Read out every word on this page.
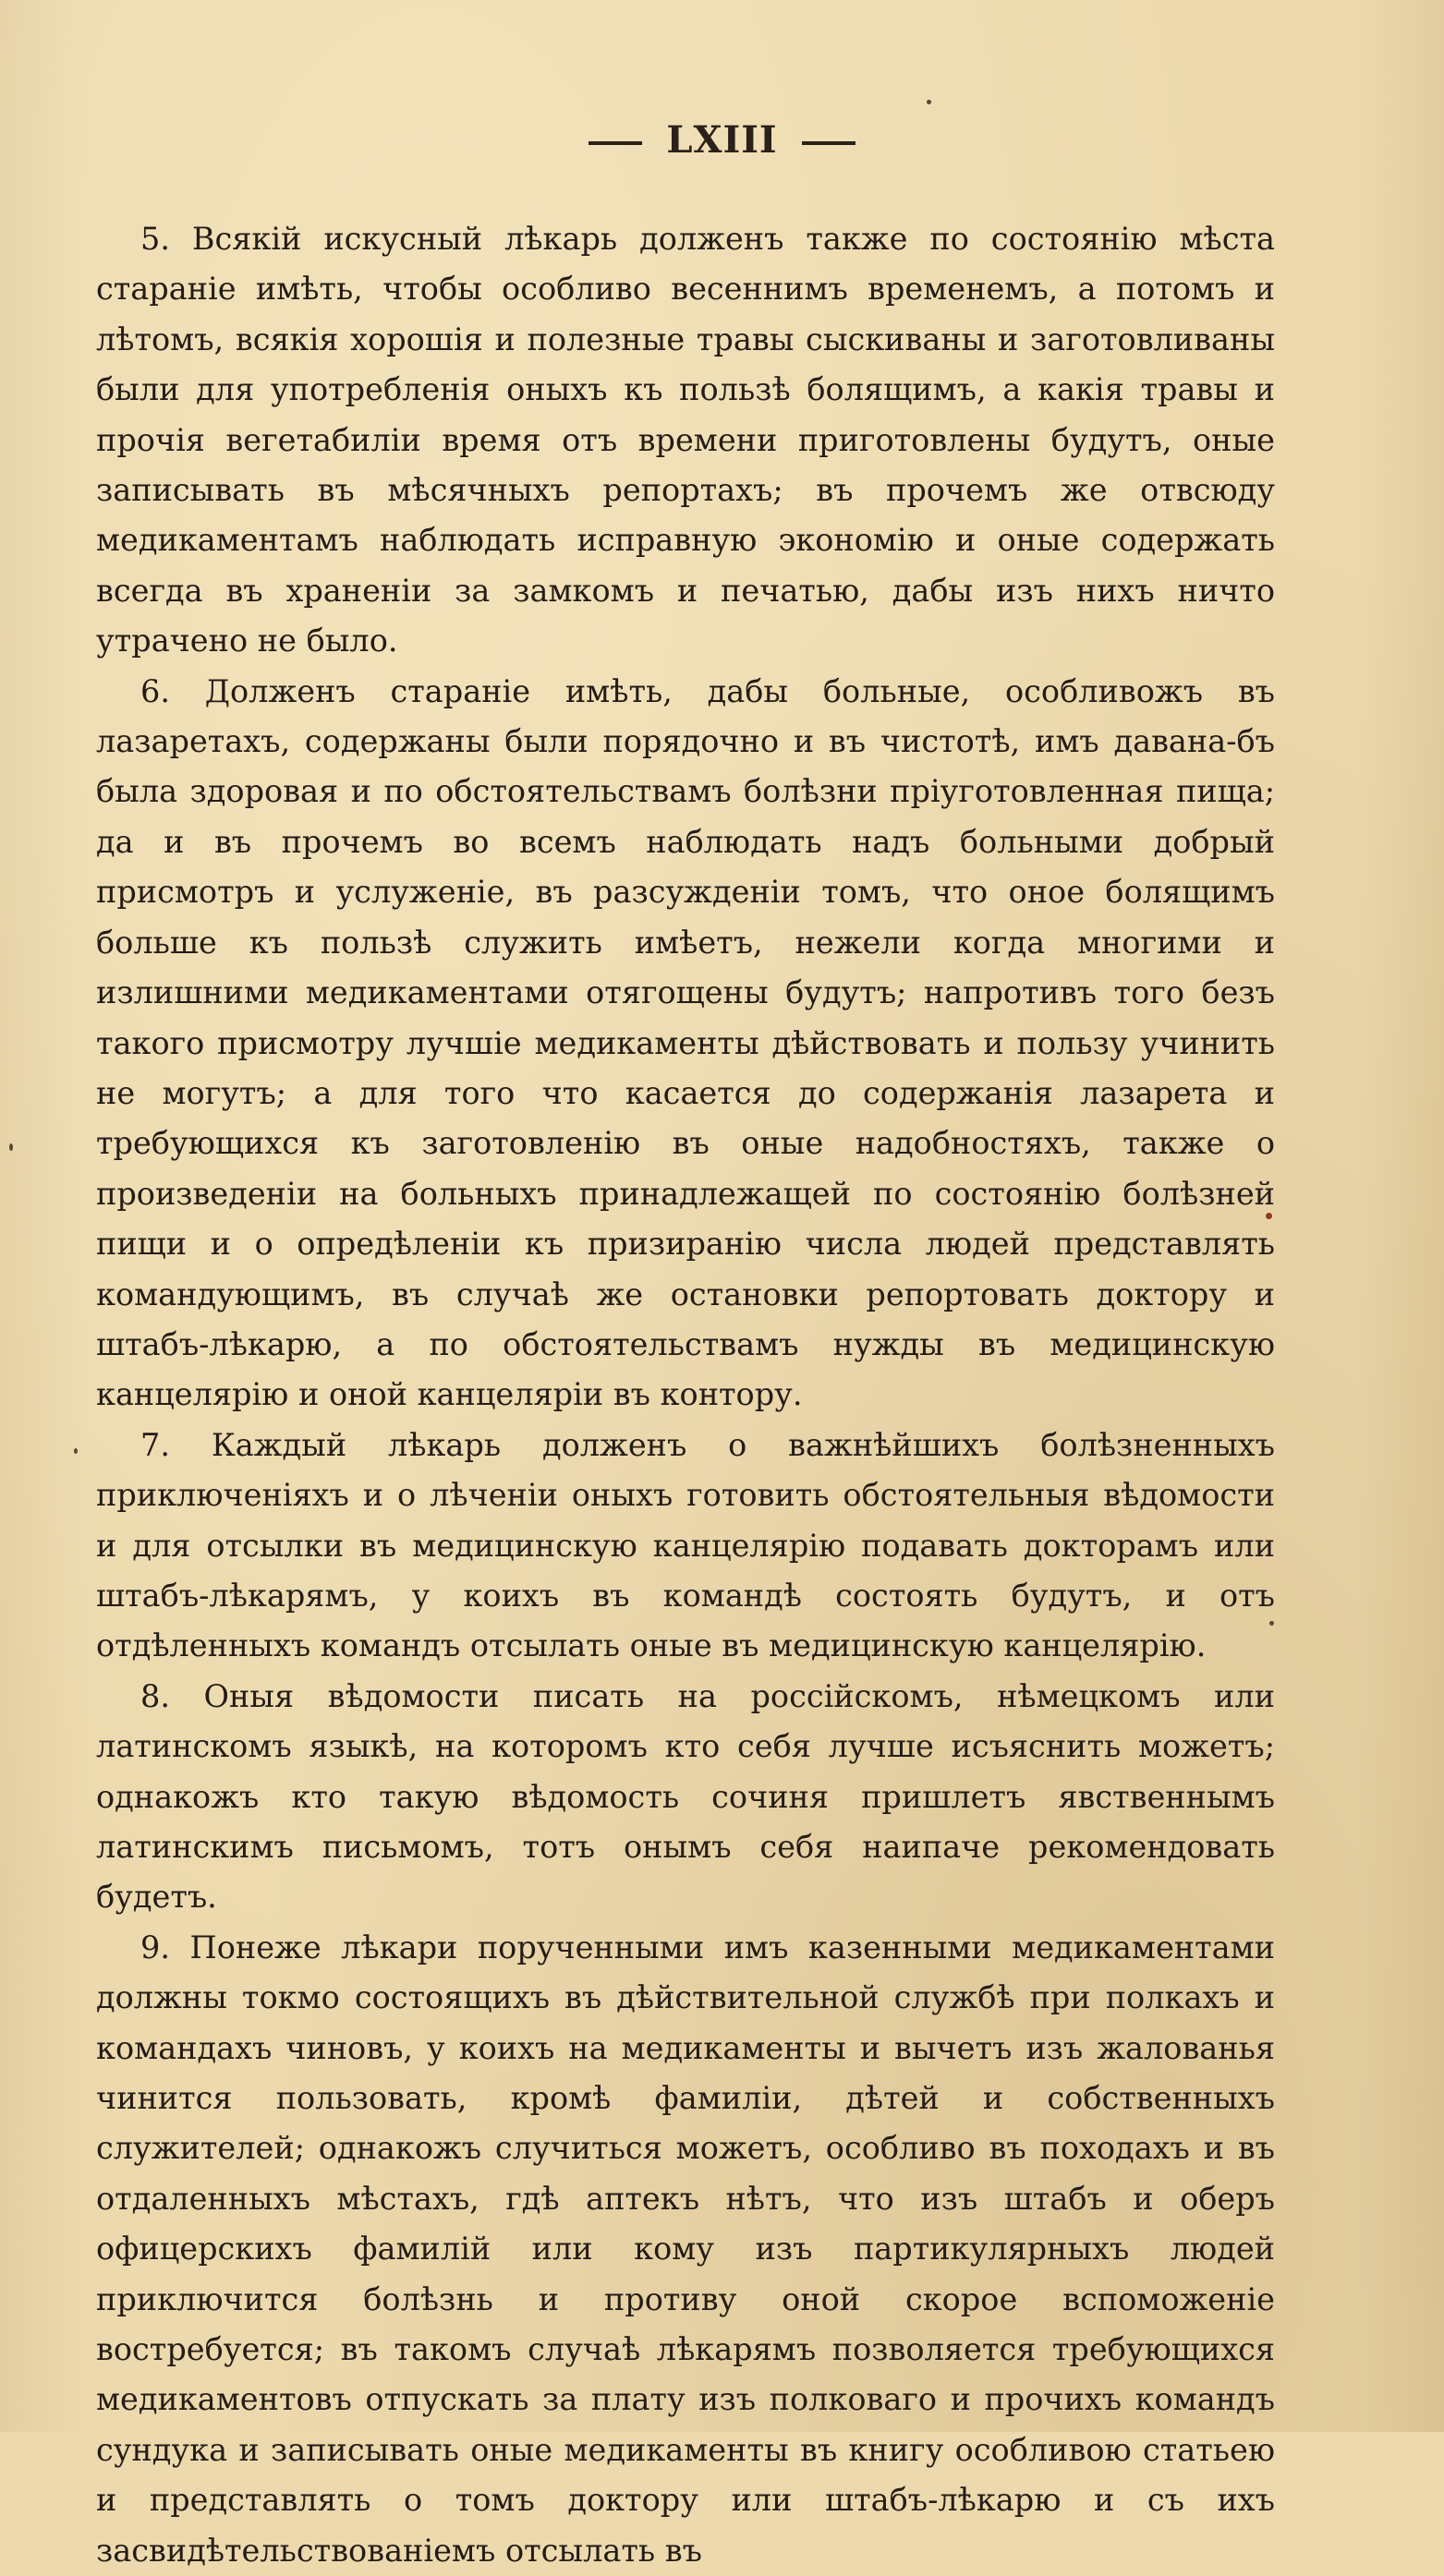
LXIII

5. Всякій искусный лѣкарь долженъ также по состоянію мѣста стараніе имѣть, чтобы особливо весеннимъ временемъ, а потомъ и лѣтомъ, всякія хорошія и полезные травы сыскиваны и заготовливаны были для употребленія оныхъ къ пользѣ болящимъ, а какія травы и прочія вегетабиліи время отъ времени приготовлены будутъ, оные записывать въ мѣсячныхъ репортахъ; въ прочемъ же отвсюду медикаментамъ наблюдать исправную экономію и оные содержать всегда въ храненіи за замкомъ и печатью, дабы изъ нихъ ничто утрачено не было.

6. Долженъ стараніе имѣть, дабы больные, особливожъ въ лазаретахъ, содержаны были порядочно и въ чистотѣ, имъ давана-бъ была здоровая и по обстоятельствамъ болѣзни пріуготовленная пища; да и въ прочемъ во всемъ наблюдать надъ больными добрый присмотръ и услуженіе, въ разсужденіи томъ, что оное болящимъ больше къ пользѣ служить имѣетъ, нежели когда многими и излишними медикаментами отягощены будутъ; напротивъ того безъ такого присмотру лучшіе медикаменты дѣйствовать и пользу учинить не могутъ; а для того что касается до содержанія лазарета и требующихся къ заготовленію въ оные надобностяхъ, также о произведеніи на больныхъ принадлежащей по состоянію болѣзней пищи и о опредѣленіи къ призиранію числа людей представлять командующимъ, въ случаѣ же остановки репортовать доктору и штабъ-лѣкарю, а по обстоятельствамъ нужды въ медицинскую канцелярію и оной канцеляріи въ контору.

7. Каждый лѣкарь долженъ о важнѣйшихъ болѣзненныхъ приключеніяхъ и о лѣченіи оныхъ готовить обстоятельныя вѣдомости и для отсылки въ медицинскую канцелярію подавать докторамъ или штабъ-лѣкарямъ, у коихъ въ командѣ состоять будутъ, и отъ отдѣленныхъ командъ отсылать оные въ медицинскую канцелярію.

8. Оныя вѣдомости писать на россійскомъ, нѣмецкомъ или латинскомъ языкѣ, на которомъ кто себя лучше исъяснить можетъ; однакожъ кто такую вѣдомость сочиня пришлетъ явственнымъ латинскимъ письмомъ, тотъ онымъ себя наипаче рекомендовать будетъ.

9. Понеже лѣкари порученными имъ казенными медикаментами должны токмо состоящихъ въ дѣйствительной службѣ при полкахъ и командахъ чиновъ, у коихъ на медикаменты и вычетъ изъ жалованья чинится пользовать, кромѣ фамиліи, дѣтей и собственныхъ служителей; однакожъ случиться можетъ, особливо въ походахъ и въ отдаленныхъ мѣстахъ, гдѣ аптекъ нѣтъ, что изъ штабъ и оберъ офицерскихъ фамилій или кому изъ партикулярныхъ людей приключится болѣзнь и противу оной скорое вспоможеніе востребуется; въ такомъ случаѣ лѣкарямъ позволяется требующихся медикаментовъ отпускать за плату изъ полковаго и прочихъ командъ сундука и записывать оные медикаменты въ книгу особливою статьею и представлять о томъ доктору или штабъ-лѣкарю и съ ихъ засвидѣтельствованіемъ отсылать въ
